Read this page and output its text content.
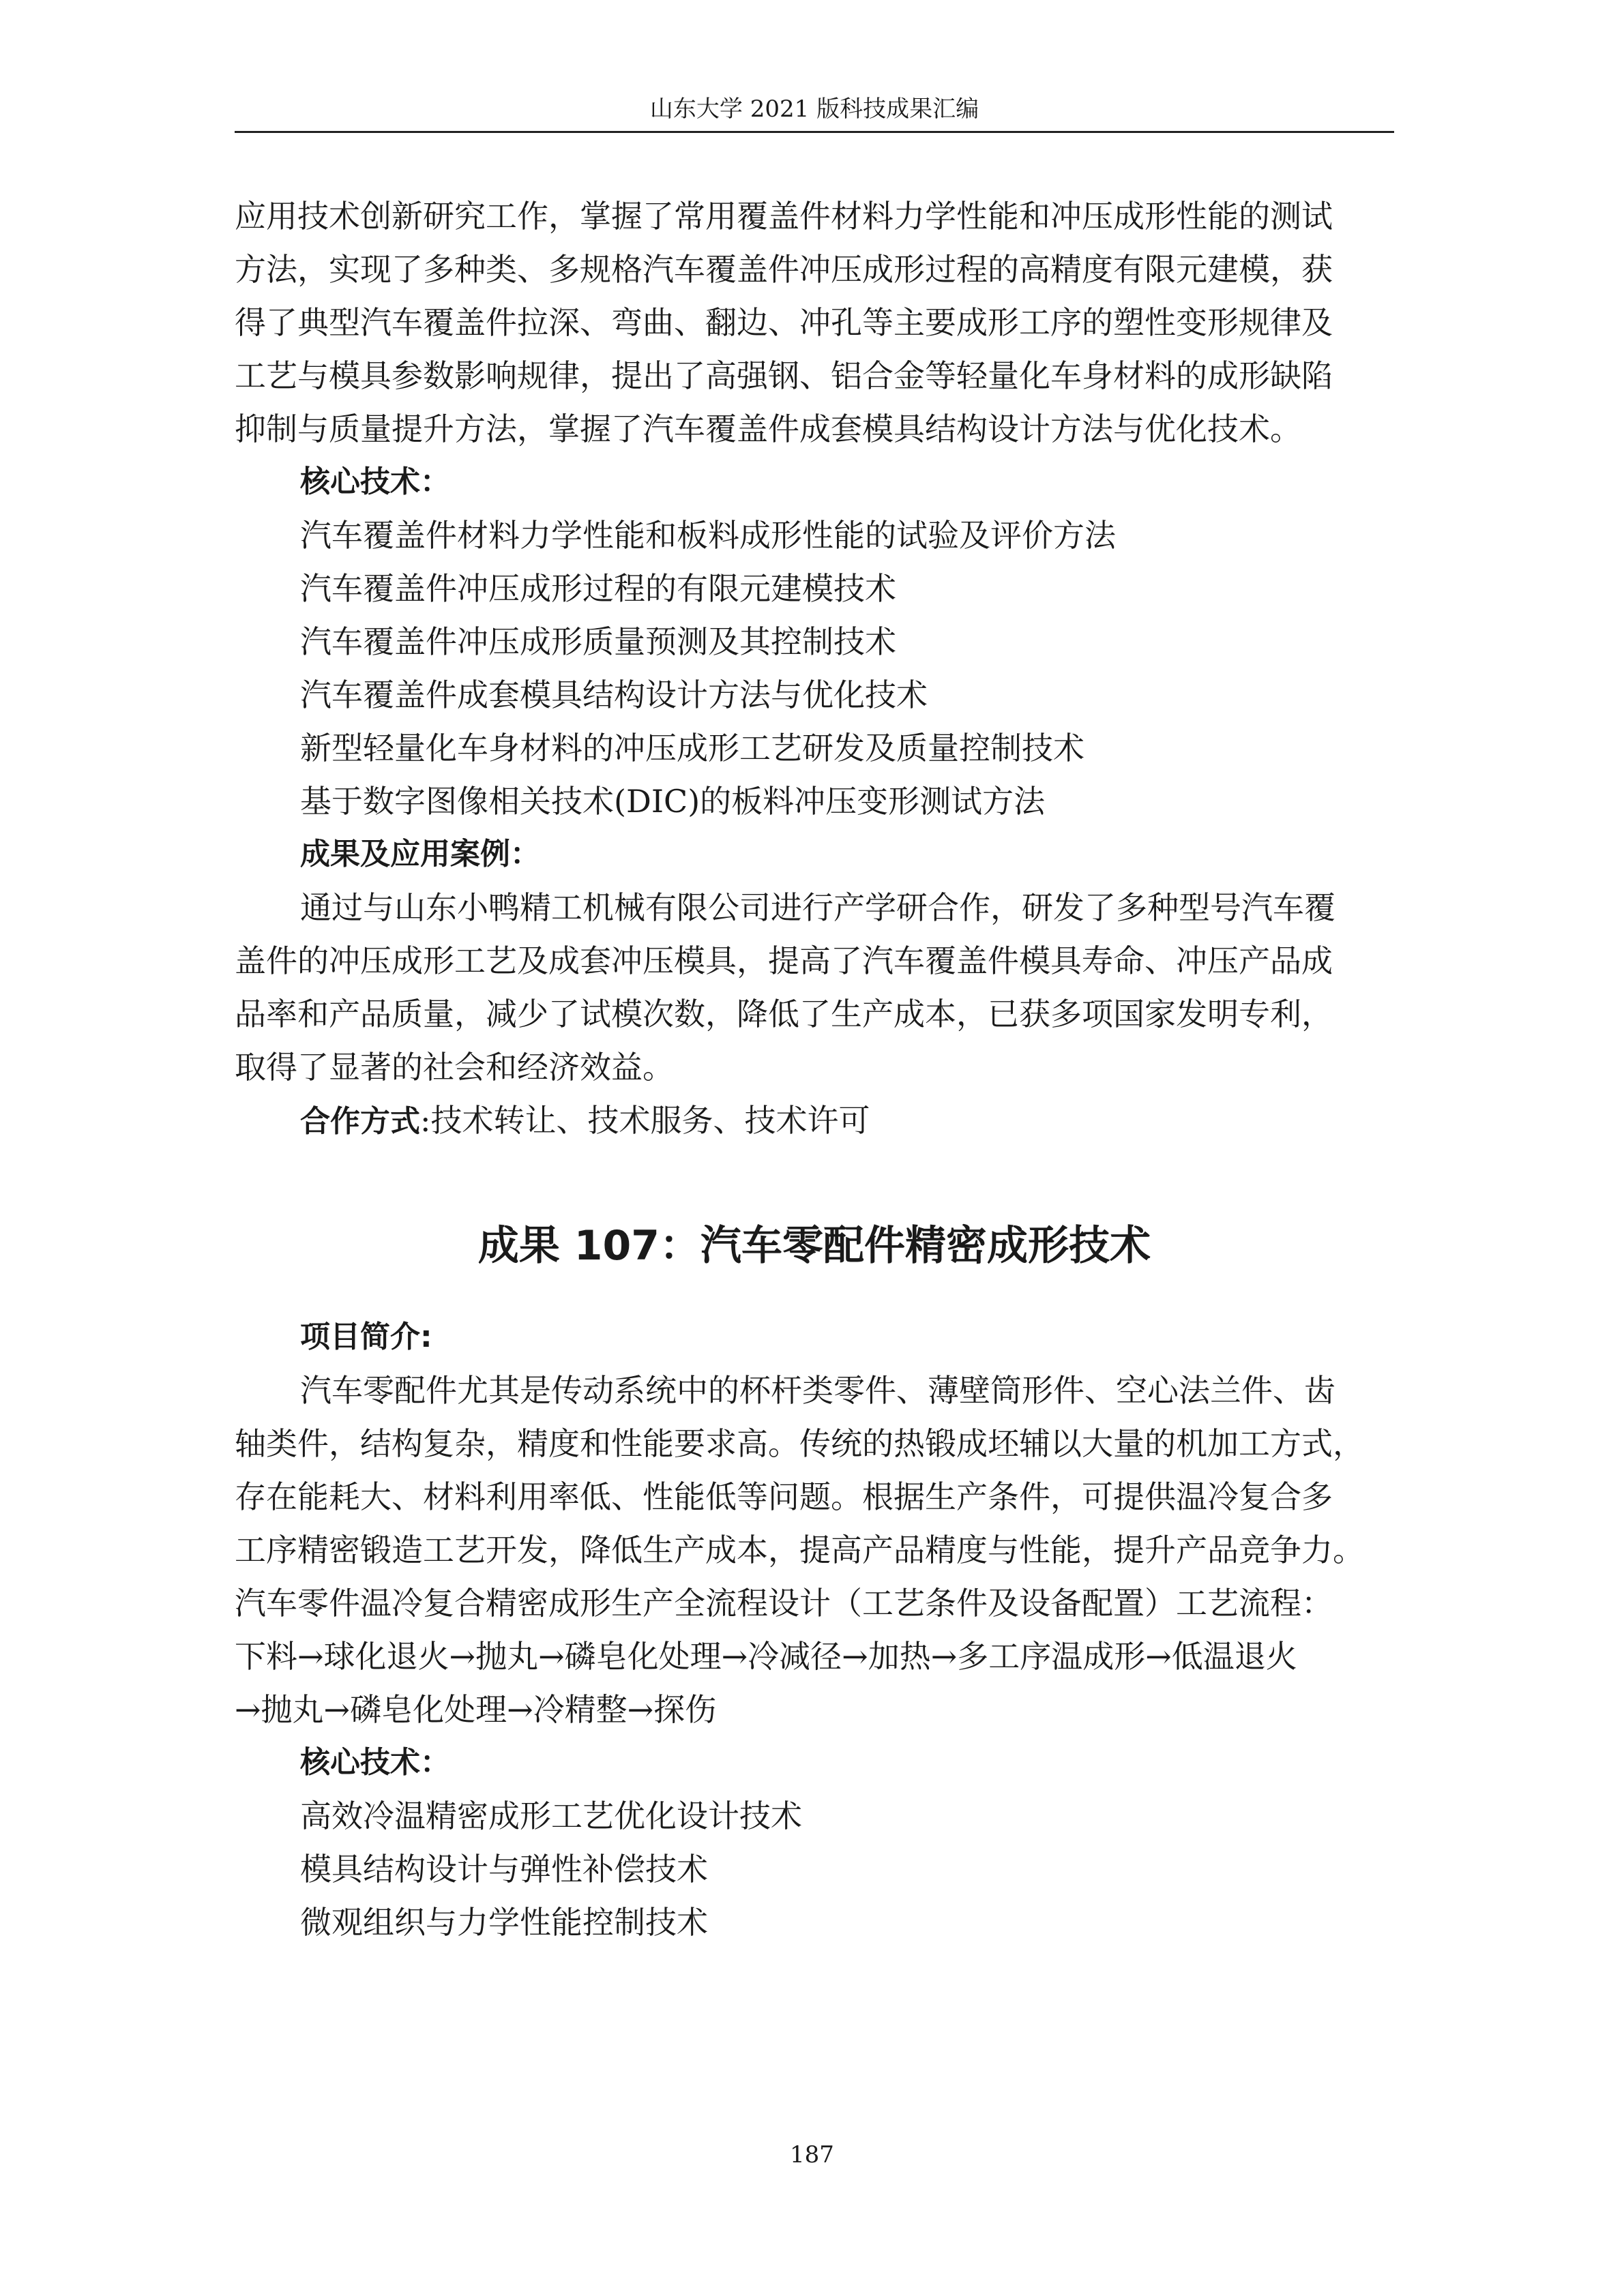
山东大学 2021 版科技成果汇编

应用技术创新研究工作，掌握了常用覆盖件材料力学性能和冲压成形性能的测试

方法，实现了多种类、多规格汽车覆盖件冲压成形过程的高精度有限元建模，获

得了典型汽车覆盖件拉深、弯曲、翻边、冲孔等主要成形工序的塑性变形规律及

工艺与模具参数影响规律，提出了高强钢、铝合金等轻量化车身材料的成形缺陷

抑制与质量提升方法，掌握了汽车覆盖件成套模具结构设计方法与优化技术。

核心技术：

汽车覆盖件材料力学性能和板料成形性能的试验及评价方法

汽车覆盖件冲压成形过程的有限元建模技术

汽车覆盖件冲压成形质量预测及其控制技术

汽车覆盖件成套模具结构设计方法与优化技术

新型轻量化车身材料的冲压成形工艺研发及质量控制技术

基于数字图像相关技术(DIC)的板料冲压变形测试方法

成果及应用案例：

通过与山东小鸭精工机械有限公司进行产学研合作，研发了多种型号汽车覆

盖件的冲压成形工艺及成套冲压模具，提高了汽车覆盖件模具寿命、冲压产品成

品率和产品质量，减少了试模次数，降低了生产成本，已获多项国家发明专利，

取得了显著的社会和经济效益。

合作方式:技术转让、技术服务、技术许可

成果 107：汽车零配件精密成形技术

项目简介:

汽车零配件尤其是传动系统中的杯杆类零件、薄壁筒形件、空心法兰件、齿

轴类件，结构复杂，精度和性能要求高。传统的热锻成坯辅以大量的机加工方式，

存在能耗大、材料利用率低、性能低等问题。根据生产条件，可提供温冷复合多

工序精密锻造工艺开发，降低生产成本，提高产品精度与性能，提升产品竞争力。

汽车零件温冷复合精密成形生产全流程设计（工艺条件及设备配置）工艺流程：

下料→球化退火→抛丸→磷皂化处理→冷减径→加热→多工序温成形→低温退火

→抛丸→磷皂化处理→冷精整→探伤

核心技术：

高效冷温精密成形工艺优化设计技术

模具结构设计与弹性补偿技术

微观组织与力学性能控制技术

187
